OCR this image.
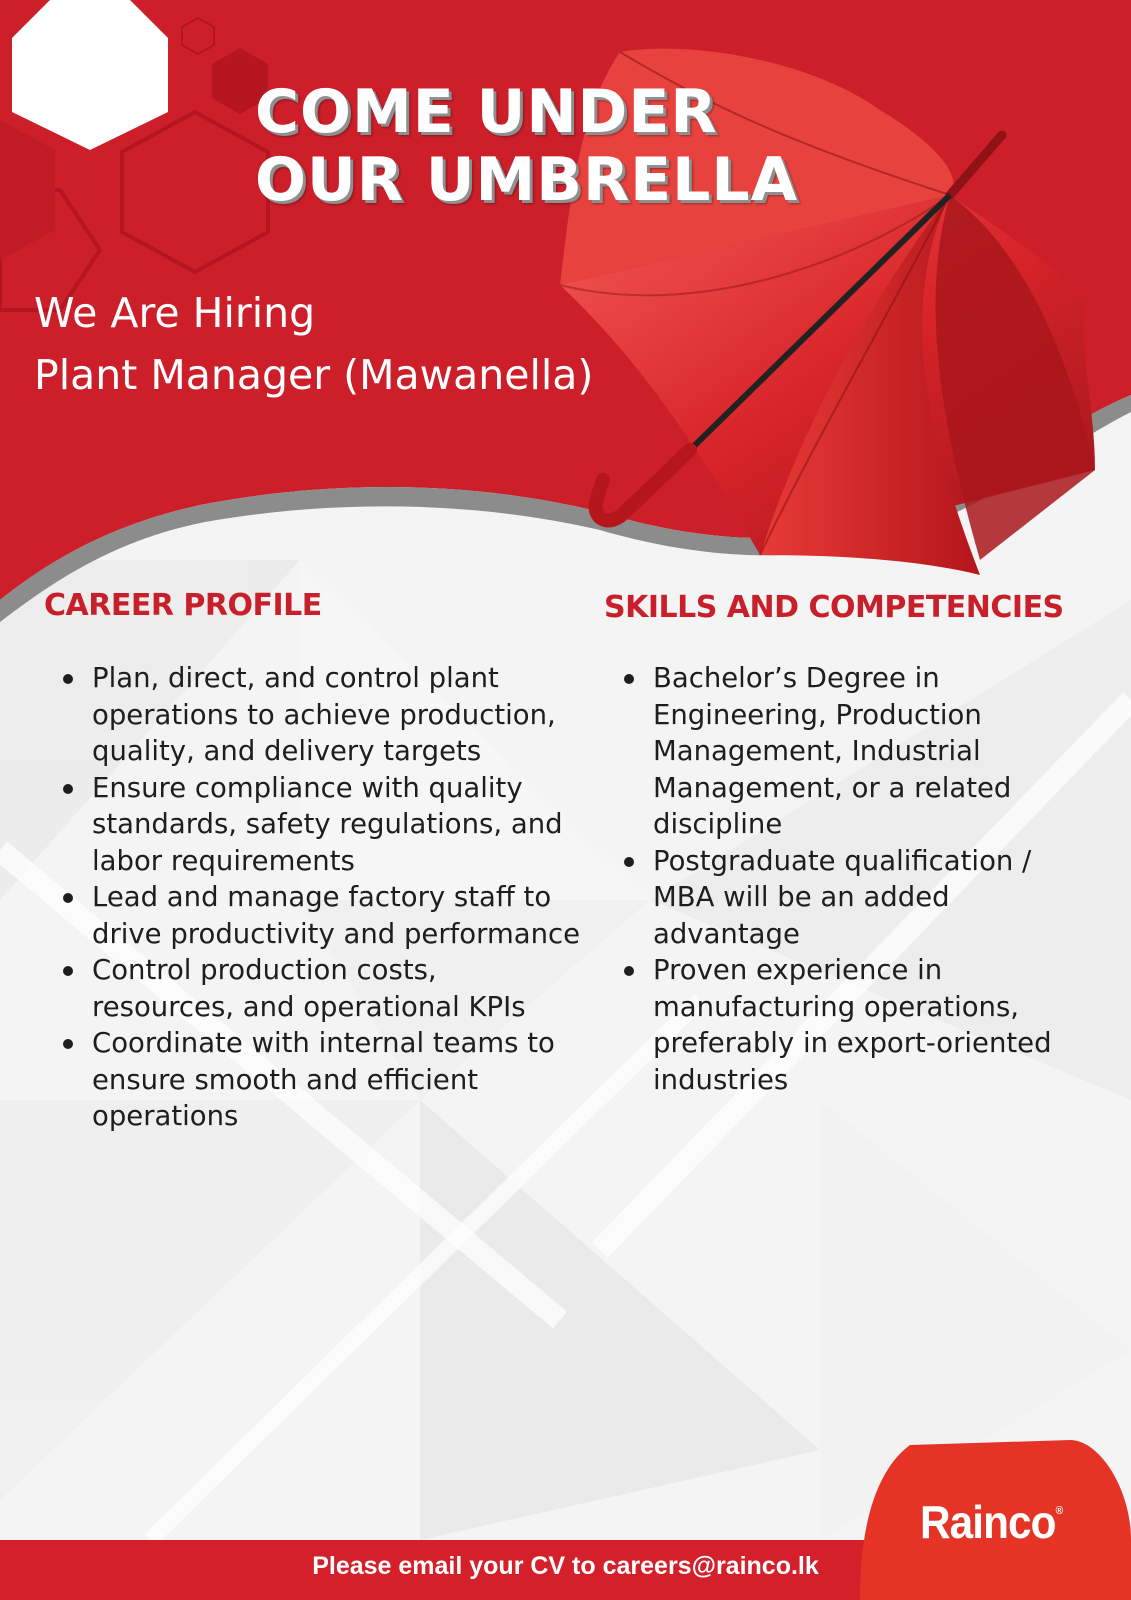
COME UNDER
OUR UMBRELLA
We Are Hiring
Plant Manager (Mawanella)
CAREER PROFILE
Plan, direct, and control plant operations to achieve production, quality, and delivery targets
Ensure compliance with quality standards, safety regulations, and labor requirements
Lead and manage factory staff to drive productivity and performance
Control production costs, resources, and operational KPIs
Coordinate with internal teams to ensure smooth and efficient operations
SKILLS AND COMPETENCIES
Bachelor’s Degree in Engineering, Production Management, Industrial Management, or a related discipline
Postgraduate qualification / MBA will be an added advantage
Proven experience in manufacturing operations, preferably in export-oriented industries
Rainco®
Please email your CV to careers@rainco.lk
